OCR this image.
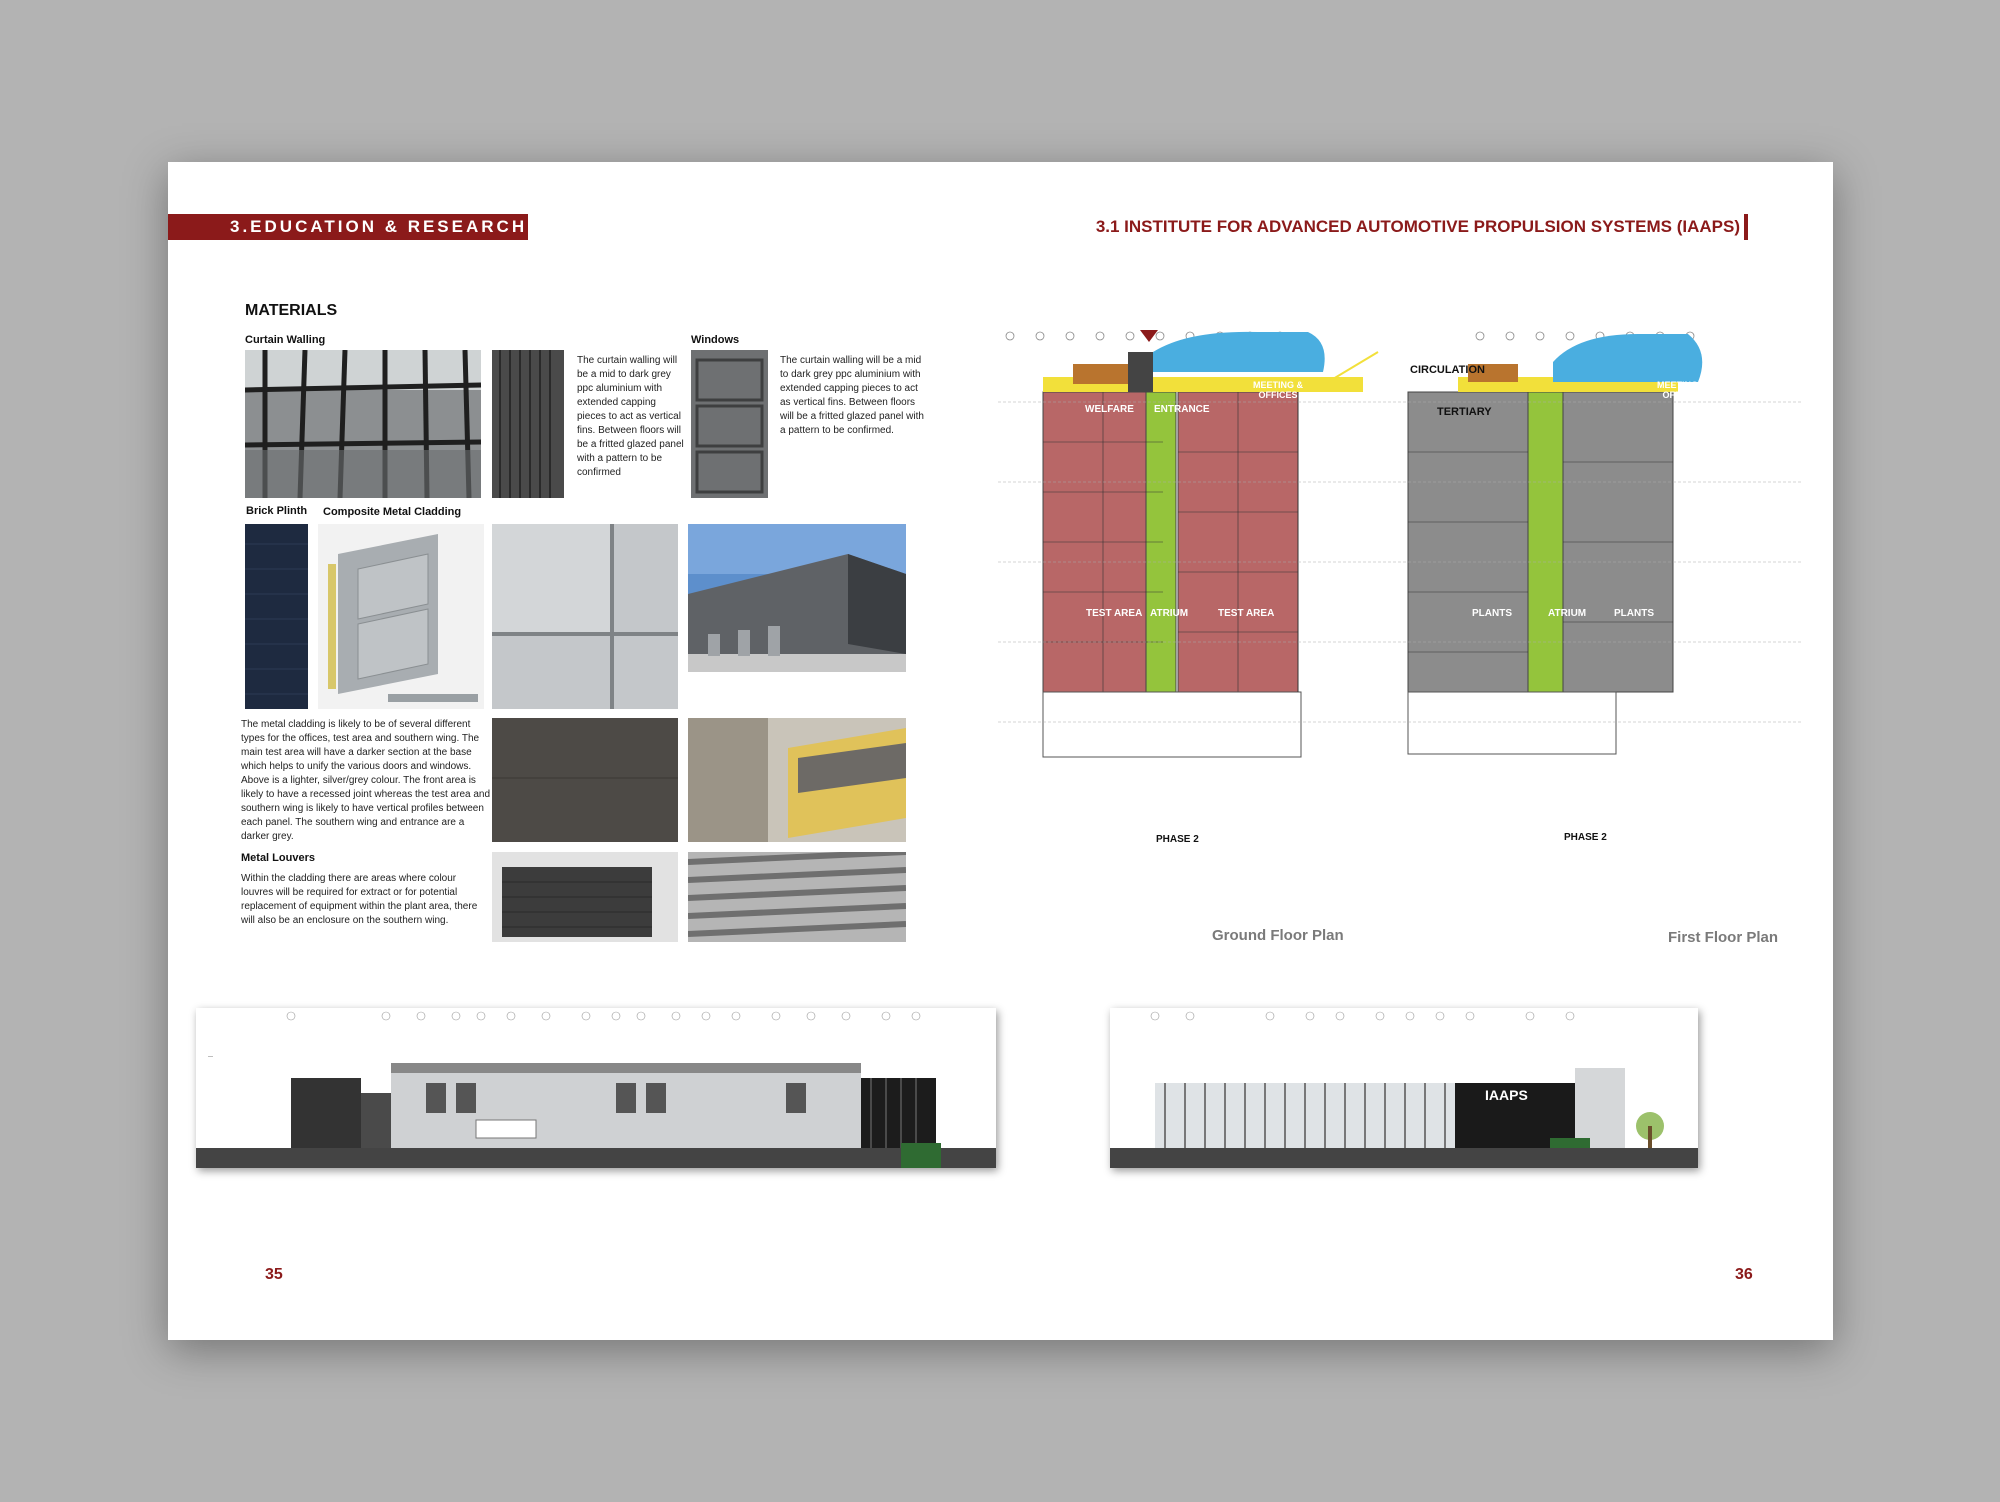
3.EDUCATION & RESEARCH	3.1 INSTITUTE FOR ADVANCED AUTOMOTIVE PROPULSION SYSTEMS (IAAPS)
MATERIALS
Curtain Walling
The curtain walling will be a mid to dark grey ppc aluminium with extended capping pieces to act as vertical fins. Between floors will be a fritted glazed panel with a pattern to be confirmed
Windows
The curtain walling will be a mid to dark grey ppc aluminium with extended capping pieces to act as vertical fins. Between floors will be a fritted glazed panel with a pattern to be confirmed.
Brick Plinth Composite Metal Cladding
The metal cladding is likely to be of several different types for the offices, test area and southern wing. The main test area will have a darker section at the base which helps to unify the various doors and windows. Above is a lighter, silver/grey colour. The front area is likely to have a recessed joint whereas the test area and southern wing is likely to have vertical profiles between each panel. The southern wing and entrance are a darker grey.
Metal Louvers
Within the cladding there are areas where colour louvres will be required for extract or for potential replacement of equipment within the plant area, there will also be an enclosure on the southern wing.
CIRCULATION
WELFARE ENTRANCE
MEETING & OFFICES
TEST AREA ATRIUM	TEST AREA
PHASE 2
TERTIARY
MEETING & OFFICES
PLANTS	ATRIUM	PLANTS
PHASE 2
Ground Floor Plan	First Floor Plan
—
IAAPS
35	36
